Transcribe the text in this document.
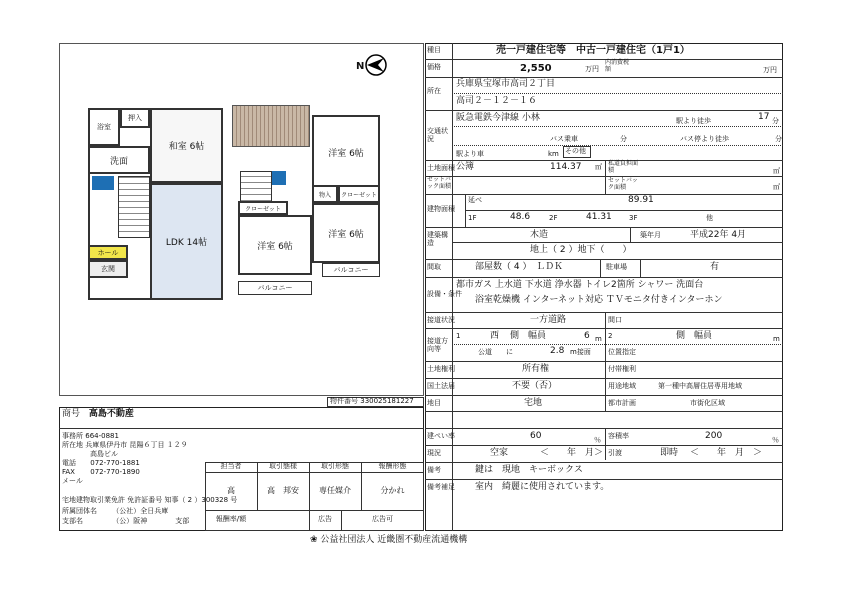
N
和室 6帖
浴室
押入
洗面
LDK 14帖
ホール
玄関
洋室 6帖
物入 クローゼット
クローゼット
洋室 6帖
洋室 6帖
バルコニー
バルコニー
物件番号 330025181227
商号 高島不動産
事務所 664-0881
所在地 兵庫県伊丹市 昆陽６丁目 １２９
高島ビル
電話 072-770-1881
FAX 072-770-1890
メール
宅地建物取引業免許 免許証番号 知事（ 2 ）300328 号
所属団体名 （公社）全日兵庫
支部名	（公）阪神　　　　支部
担当者	取引態様	取引形態	報酬形態
高	高　邦安	専任媒介	分かれ
報酬率/額	広告	広告可
種目	売一戸建住宅等　中古一戸建住宅（1戸1）
価格	2,550	万円
内消費税額	万円
所在
兵庫県宝塚市高司２丁目
高司２－１２－１６
交通状況
阪急電鉄今津線 小林	駅より徒歩	17 分
バス乗車	分	バス停より徒歩	分
駅より車	km その他
土地面積 公簿	114.37 ㎡ 私道負担面積	㎡
セットバック面積
セットバック面積	㎡
建物面積
延べ	89.91
1F	48.6	2F	41.31 3F	他
建築構造
木造	築年月	平成22年 4月
地上（ 2 ）地下（　　）
間取	部屋数（ 4 ）　ＬＤＫ	駐車場	有
設備・条件
都市ガス 上水道 下水道 浄水器 トイレ2箇所 シャワー 洗面台
浴室乾燥機 インターネット対応 ＴＶモニタ付きインターホン
接道状況	一方道路	間口
接道方向等
1	西 側　幅員	6 m 2	側　幅員	m
公道　　に	2.8 m接面 位置指定
土地権利	所有権	付帯権利
国土法届	不要（否）	用途地域	第一種中高層住居専用地域
地目	宅地	都市計画	市街化区域
建ぺい率	60	％ 容積率	200	％
現況	空家	＜　　年　月＞ 引渡	即時 ＜　　年　月　＞
備考	鍵は　現地　キーボックス
備考補足 室内　綺麗に使用されています。
❀ 公益社団法人 近畿圏不動産流通機構
